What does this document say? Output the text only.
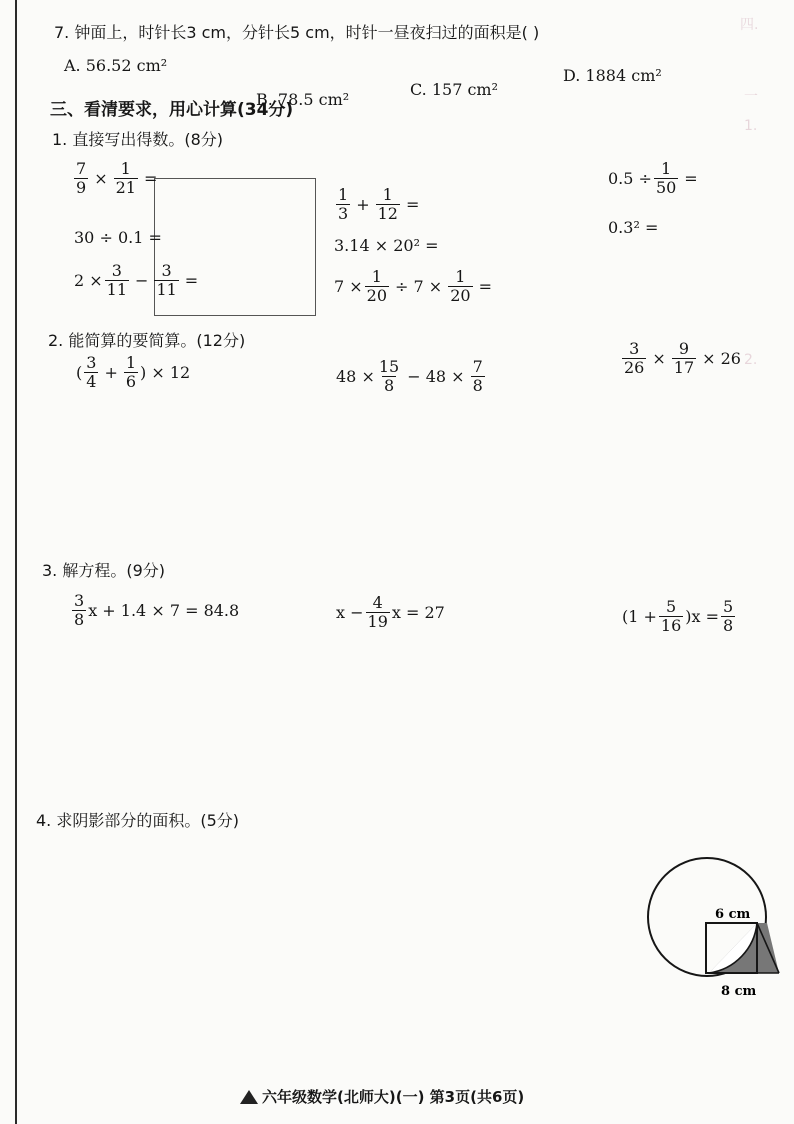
四.
一
1.
2.
7. 钟面上，时针长3 cm，分针长5 cm，时针一昼夜扫过的面积是( )
A. 56.52 cm²
B. 78.5 cm²
C. 157 cm²
D. 1884 cm²
三、看清要求，用心计算(34分)
1. 直接写出得数。(8分)
$\frac{7}{9} \times \frac{1}{21}$ =
30 ÷ 0.1 =
$2 \times \frac{3}{11} - \frac{3}{11}$ =
$\frac{1}{3} + \frac{1}{12}$ =
3.14 × 20² =
$7 \times \frac{1}{20} \div 7 \times \frac{1}{20}$ =
$0.5 \div \frac{1}{50}$ =
0.3² =
2. 能简算的要简算。(12分)
( $\frac{3}{4} + \frac{1}{6}$ ) × 12	$48 \times \frac{15}{8} - 48 \times \frac{7}{8}$	$\frac{3}{26} \times \frac{9}{17} \times 26$
3. 解方程。(9分)
$\frac{3}{8}$ x + 1.4 × 7 = 84.8	$x - \frac{4}{19}$ x = 27	$(1 + \frac{5}{16} )x = \frac{5}{8}$
4. 求阴影部分的面积。(5分)
6 cm
8 cm
六年级数学(北师大)(一) 第3页(共6页)
